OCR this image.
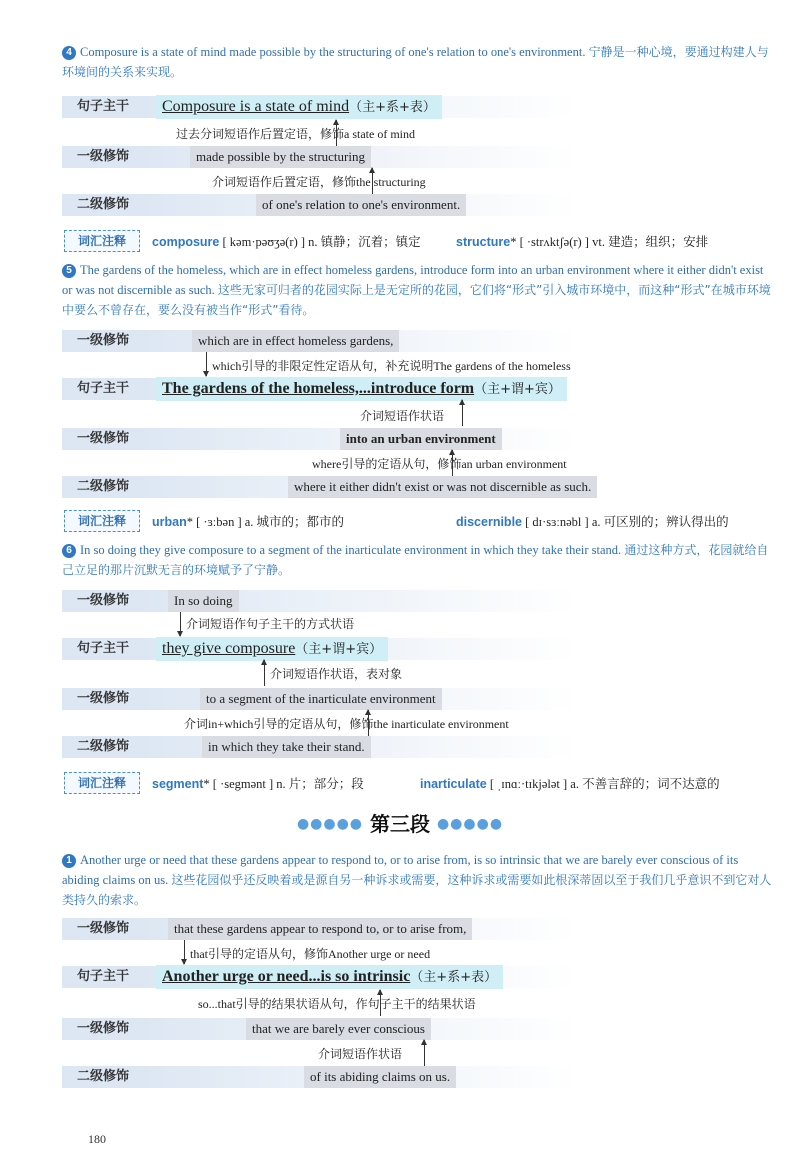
4 Composure is a state of mind made possible by the structuring of one's relation to one's environment. 宁静是一种心境，要通过构建人与环境间的关系来实现。
句子主干	Composure is a state of mind（主+系+表）
过去分词短语作后置定语，修饰a state of mind
一级修饰	made possible by the structuring
介词短语作后置定语，修饰the structuring
二级修饰	of one's relation to one's environment.
词汇注释	composure [ kəm·pəʊʒə(r) ] n. 镇静；沉着；镇定	structure* [ ·strʌktʃə(r) ] vt. 建造；组织；安排
5 The gardens of the homeless, which are in effect homeless gardens, introduce form into an urban environment where it either didn't exist or was not discernible as such. 这些无家可归者的花园实际上是无定所的花园，它们将“形式”引入城市环境中，而这种“形式”在城市环境中要么不曾存在，要么没有被当作“形式”看待。
一级修饰	which are in effect homeless gardens,
which引导的非限定性定语从句，补充说明The gardens of the homeless
句子主干	The gardens of the homeless,...introduce form（主+谓+宾）
介词短语作状语
一级修饰	into an urban environment
where引导的定语从句，修饰an urban environment
二级修饰	where it either didn't exist or was not discernible as such.
词汇注释	urban* [ ·ɜːbən ] a. 城市的；都市的	discernible [ dɪ·sɜːnəbl ] a. 可区别的；辨认得出的
6 In so doing they give composure to a segment of the inarticulate environment in which they take their stand. 通过这种方式，花园就给自己立足的那片沉默无言的环境赋予了宁静。
一级修饰	In so doing
介词短语作句子主干的方式状语
句子主干	they give composure（主+谓+宾）
介词短语作状语，表对象
一级修饰	to a segment of the inarticulate environment
介词in+which引导的定语从句，修饰the inarticulate environment
二级修饰	in which they take their stand.
词汇注释	segment* [ ·segmənt ] n. 片；部分；段	inarticulate [ ˌɪnɑː·tɪkjələt ] a. 不善言辞的；词不达意的
●●●●● 第三段 ●●●●●
1 Another urge or need that these gardens appear to respond to, or to arise from, is so intrinsic that we are barely ever conscious of its abiding claims on us. 这些花园似乎还反映着或是源自另一种诉求或需要，这种诉求或需要如此根深蒂固以至于我们几乎意识不到它对人类持久的索求。
一级修饰	that these gardens appear to respond to, or to arise from,
that引导的定语从句，修饰Another urge or need
句子主干	Another urge or need...is so intrinsic（主+系+表）
so...that引导的结果状语从句，作句子主干的结果状语
一级修饰	that we are barely ever conscious
介词短语作状语
二级修饰	of its abiding claims on us.
180
